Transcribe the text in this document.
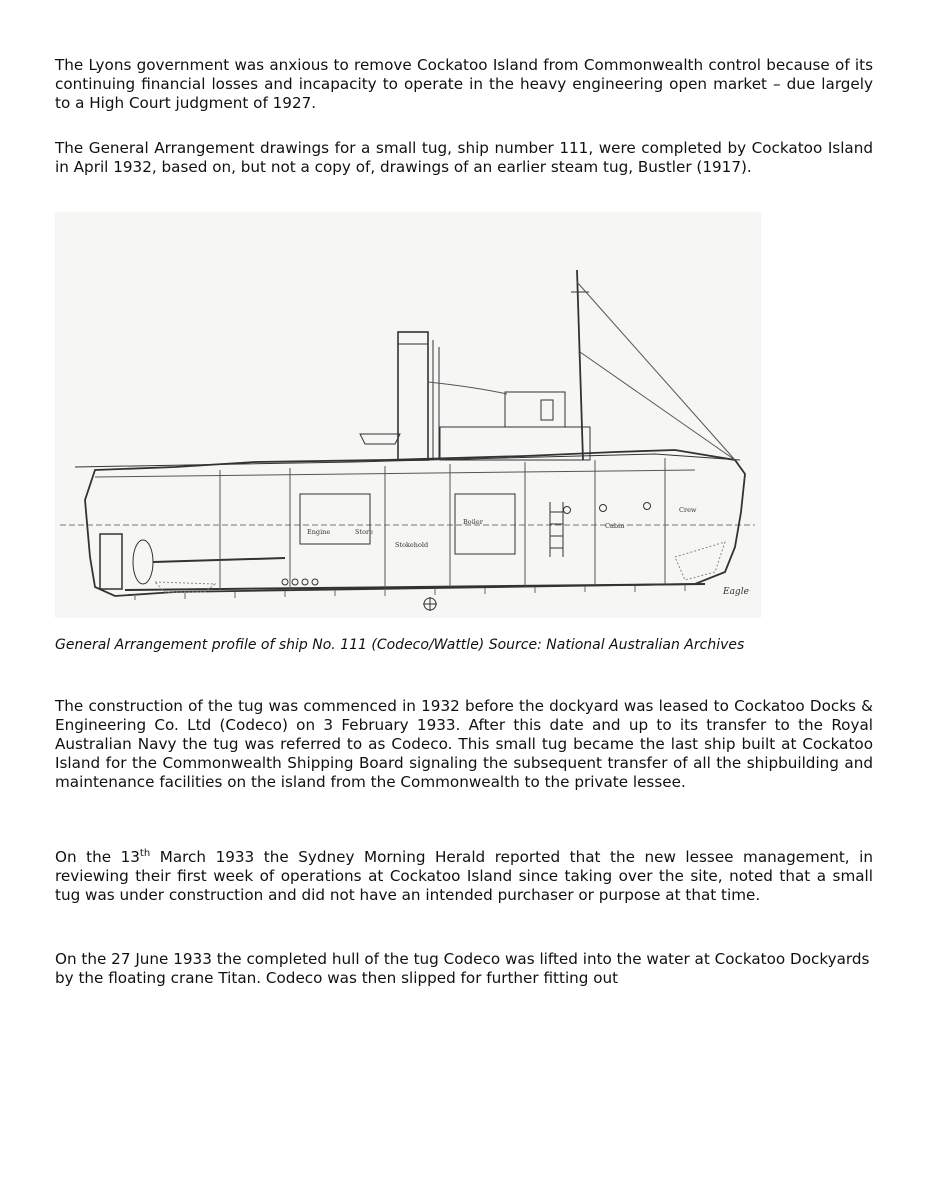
The Lyons government was anxious to remove Cockatoo Island from Commonwealth control because of its continuing financial losses and incapacity to operate in the heavy engineering open market – due largely to a High Court judgment of 1927.

The General Arrangement drawings for a small tug, ship number 111, were completed by Cockatoo Island in April 1932, based on, but not a copy of, drawings of an earlier steam tug, Bustler (1917).

Boiler
Engine
Cabin
Store
Stokehold
Crew
Eagle
General Arrangement profile of ship No. 111 (Codeco/Wattle) Source: National Australian Archives

The construction of the tug was commenced in 1932 before the dockyard was leased to Cockatoo Docks & Engineering Co. Ltd (Codeco) on 3 February 1933. After this date and up to its transfer to the Royal Australian Navy the tug was referred to as Codeco. This small tug became the last ship built at Cockatoo Island for the Commonwealth Shipping Board signaling the subsequent transfer of all the shipbuilding and maintenance facilities on the island from the Commonwealth to the private lessee.

On the 13th March 1933 the Sydney Morning Herald reported that the new lessee management, in reviewing their first week of operations at Cockatoo Island since taking over the site, noted that a small tug was under construction and did not have an intended purchaser or purpose at that time.

On the 27 June 1933 the completed hull of the tug Codeco was lifted into the water at Cockatoo Dockyards by the floating crane Titan. Codeco was then slipped for further fitting out
